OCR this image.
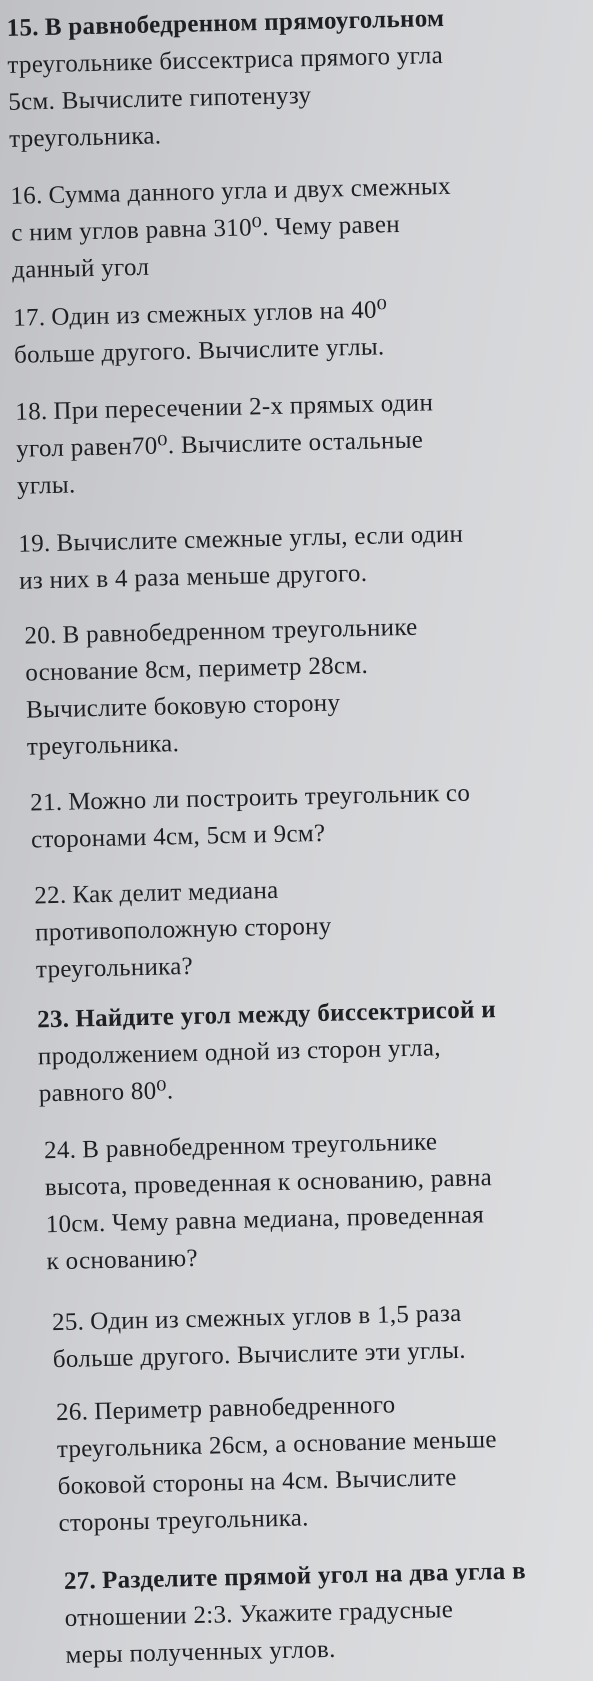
15. В равнобедренном прямоугольном
треугольнике биссектриса прямого угла
5см. Вычислите гипотенузу
треугольника.
16. Сумма данного угла и двух смежных
с ним углов равна 310⁰. Чему равен
данный угол
17. Один из смежных углов на 40⁰
больше другого. Вычислите углы.
18. При пересечении 2-х прямых один
угол равен70⁰. Вычислите остальные
углы.
19. Вычислите смежные углы, если один
из них в 4 раза меньше другого.
20. В равнобедренном треугольнике
основание 8см, периметр 28см.
Вычислите боковую сторону
треугольника.
21. Можно ли построить треугольник со
сторонами 4см, 5см и 9см?
22. Как делит медиана
противоположную сторону
треугольника?
23. Найдите угол между биссектрисой и
продолжением одной из сторон угла,
равного 80⁰.
24. В равнобедренном треугольнике
высота, проведенная к основанию, равна
10см. Чему равна медиана, проведенная
к основанию?
25. Один из смежных углов в 1,5 раза
больше другого. Вычислите эти углы.
26. Периметр равнобедренного
треугольника 26см, а основание меньше
боковой стороны на 4см. Вычислите
стороны треугольника.
27. Разделите прямой угол на два угла в
отношении 2:3. Укажите градусные
меры полученных углов.
